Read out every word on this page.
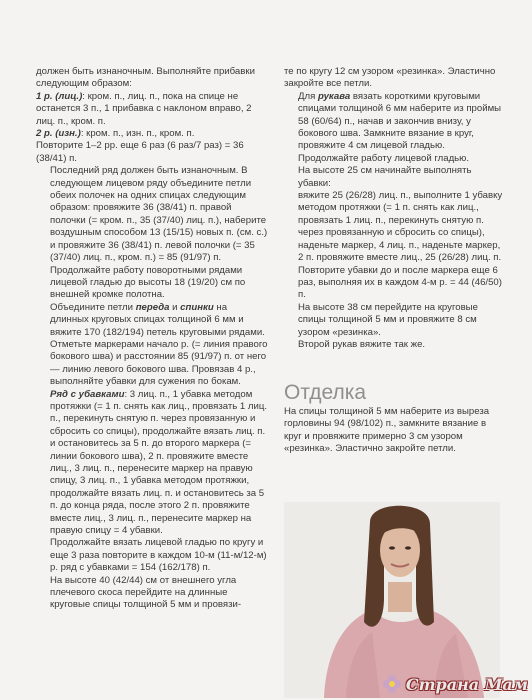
должен быть изнаночным. Выполняйте прибавки следующим образом:

1 р. (лиц.): кром. п., лиц. п., пока на спице не останется 3 п., 1 прибавка с наклоном вправо, 2 лиц. п., кром. п.

2 р. (изн.): кром. п., изн. п., кром. п.

Повторите 1–2 рр. еще 6 раз (6 раз/7 раз) = 36 (38/41) п.

Последний ряд должен быть изнаночным. В следующем лицевом ряду объедините петли обеих полочек на одних спицах следующим образом: провяжите 36 (38/41) п. правой полочки (= кром. п., 35 (37/40) лиц. п.), наберите воздушным способом 13 (15/15) новых п. (см. с.) и провяжите 36 (38/41) п. левой полочки (= 35 (37/40) лиц. п., кром. п.) = 85 (91/97) п. Продолжайте работу поворотными рядами лицевой гладью до высоты 18 (19/20) см по внешней кромке полотна.

Объедините петли переда и спинки на длинных круговых спицах толщиной 6 мм и вяжите 170 (182/194) петель круговыми рядами. Отметьте маркерами начало р. (= линия правого бокового шва) и расстоянии 85 (91/97) п. от него — линию левого бокового шва. Провязав 4 р., выполняйте убавки для сужения по бокам.

Ряд с убавками: 3 лиц. п., 1 убавка методом протяжки (= 1 п. снять как лиц., провязать 1 лиц. п., перекинуть снятую п. через провязанную и сбросить со спицы), продолжайте вязать лиц. п. и остановитесь за 5 п. до второго маркера (= линии бокового шва), 2 п. провяжите вместе лиц., 3 лиц. п., перенесите маркер на правую спицу, 3 лиц. п., 1 убавка методом протяжки, продолжайте вязать лиц. п. и остановитесь за 5 п. до конца ряда, после этого 2 п. провяжите вместе лиц., 3 лиц. п., перенесите маркер на правую спицу = 4 убавки.

Продолжайте вязать лицевой гладью по кругу и еще 3 раза повторите в каждом 10-м (11-м/12-м) р. ряд с убавками = 154 (162/178) п.

На высоте 40 (42/44) см от внешнего угла плечевого скоса перейдите на длинные круговые спицы толщиной 5 мм и провязи-

те по кругу 12 см узором «резинка». Эластично закройте все петли.

Для рукава вязать короткими круговыми спицами толщиной 6 мм наберите из проймы 58 (60/64) п., начав и закончив внизу, у бокового шва. Замкните вязание в круг, провяжите 4 см лицевой гладью. Продолжайте работу лицевой гладью.

На высоте 25 см начинайте выполнять убавки:

вяжите 25 (26/28) лиц. п., выполните 1 убавку методом протяжки (= 1 п. снять как лиц., провязать 1 лиц. п., перекинуть снятую п. через провязанную и сбросить со спицы), наденьте маркер, 4 лиц. п., наденьте маркер, 2 п. провяжите вместе лиц., 25 (26/28) лиц. п.

Повторите убавки до и после маркера еще 6 раз, выполняя их в каждом 4-м р. = 44 (46/50) п.

На высоте 38 см перейдите на круговые спицы толщиной 5 мм и провяжите 8 см узором «резинка».

Второй рукав вяжите так же.

Отделка

На спицы толщиной 5 мм наберите из выреза горловины 94 (98/102) п., замкните вязание в круг и провяжите примерно 3 см узором «резинка». Эластично закройте петли.

Страна Мам
